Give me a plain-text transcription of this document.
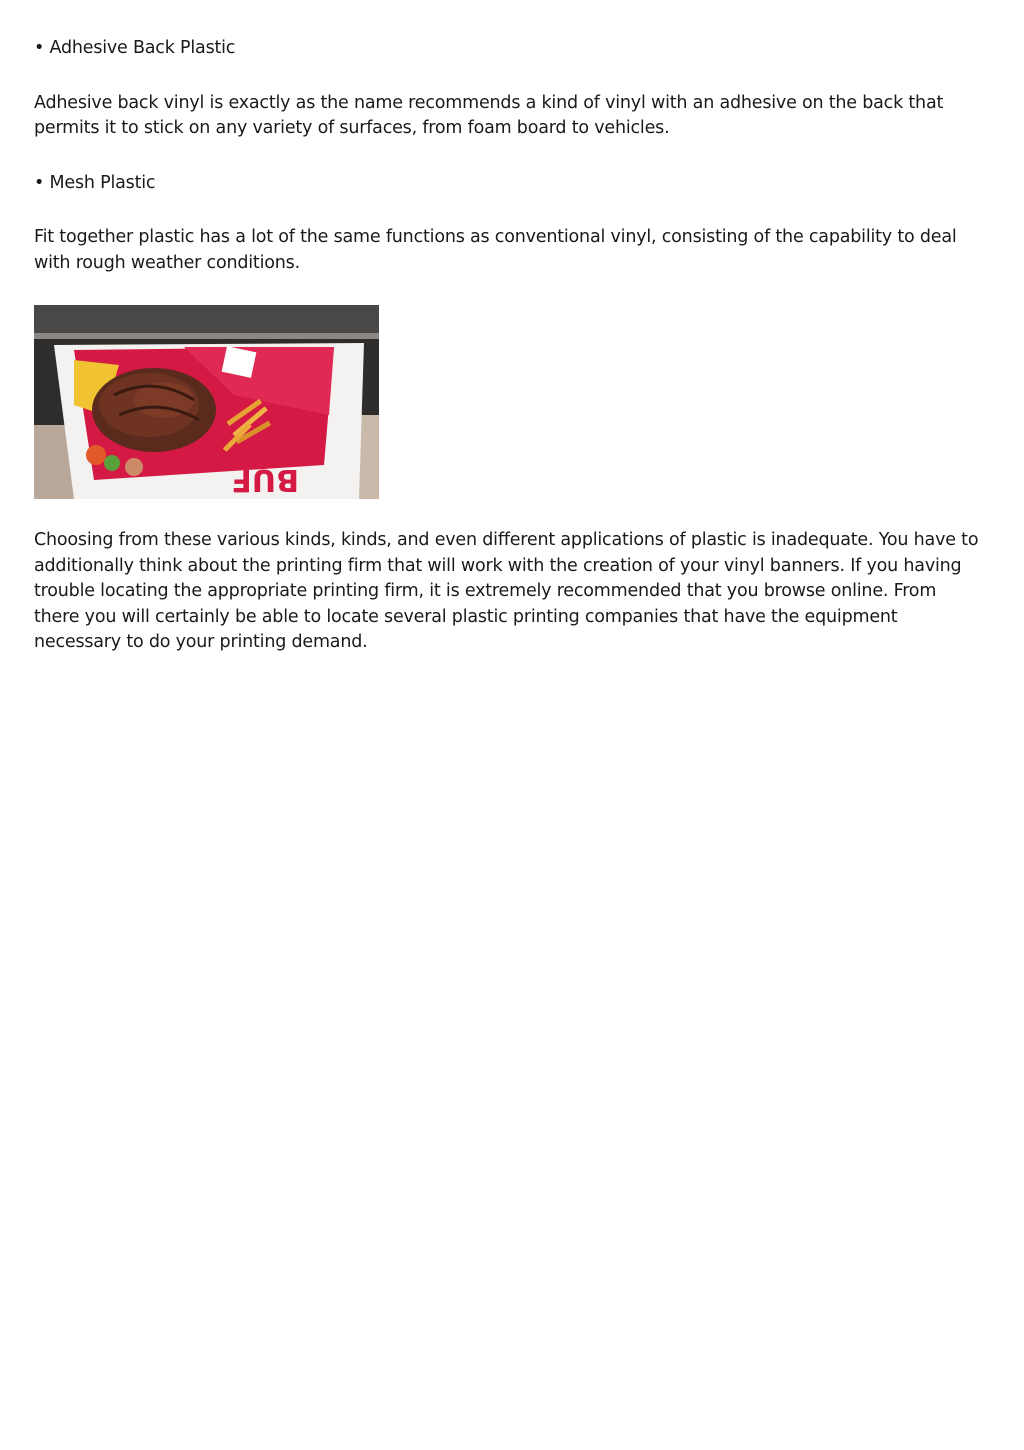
• Adhesive Back Plastic

Adhesive back vinyl is exactly as the name recommends a kind of vinyl with an adhesive on the back that permits it to stick on any variety of surfaces, from foam board to vehicles.

• Mesh Plastic

Fit together plastic has a lot of the same functions as conventional vinyl, consisting of the capability to deal with rough weather conditions.

BUF

Choosing from these various kinds, kinds, and even different applications of plastic is inadequate. You have to additionally think about the printing firm that will work with the creation of your vinyl banners. If you having trouble locating the appropriate printing firm, it is extremely recommended that you browse online. From there you will certainly be able to locate several plastic printing companies that have the equipment necessary to do your printing demand.
